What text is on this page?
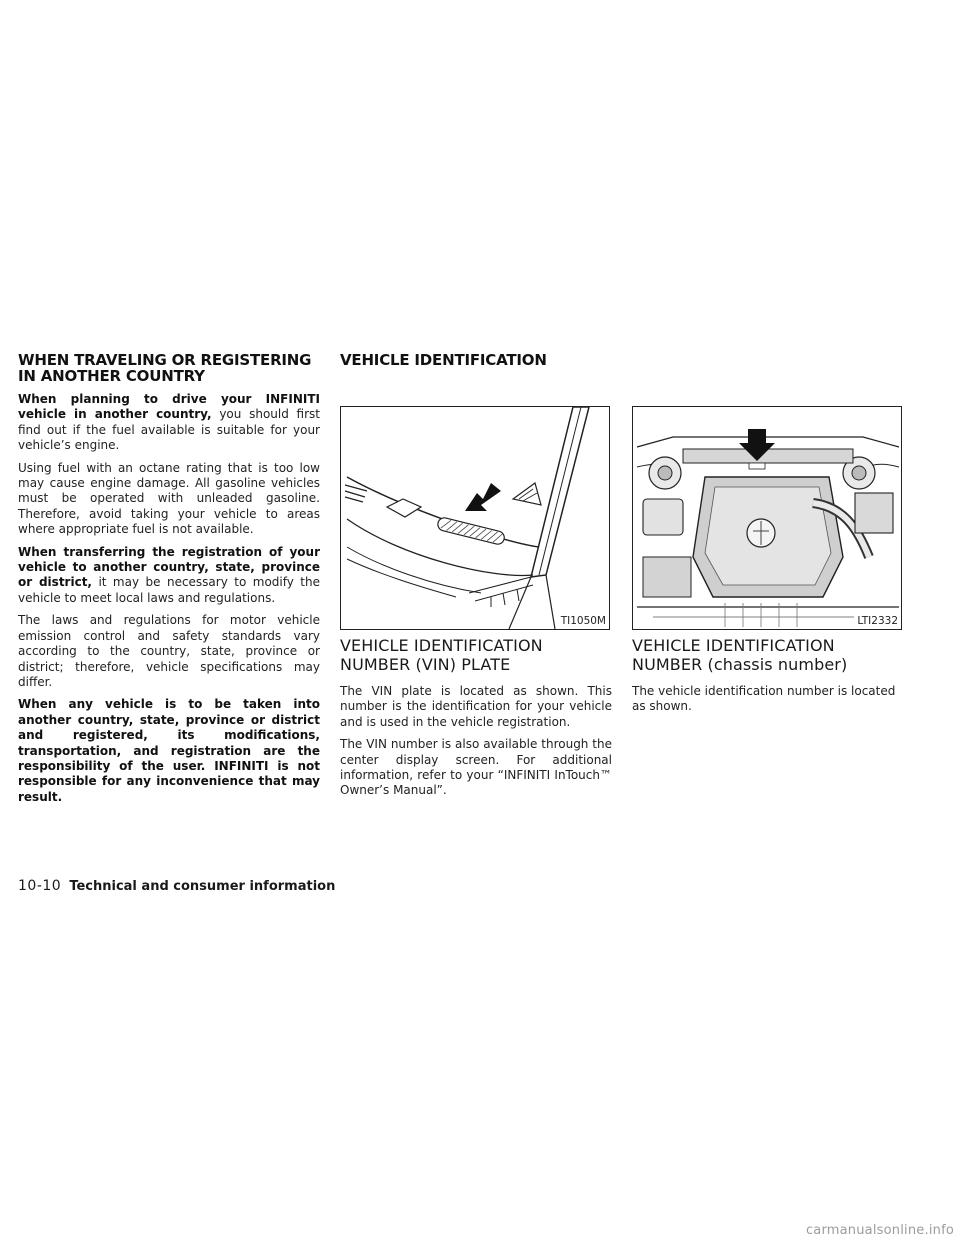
WHEN TRAVELING OR REGISTERING IN ANOTHER COUNTRY

When planning to drive your INFINITI vehicle in another country, you should first find out if the fuel available is suitable for your vehicle’s engine.

Using fuel with an octane rating that is too low may cause engine damage. All gasoline vehicles must be operated with unleaded gasoline. Therefore, avoid taking your vehicle to areas where appropriate fuel is not available.

When transferring the registration of your vehicle to another country, state, province or district, it may be necessary to modify the vehicle to meet local laws and regulations.

The laws and regulations for motor vehicle emission control and safety standards vary according to the country, state, province or district; therefore, vehicle specifications may differ.

When any vehicle is to be taken into another country, state, province or district and registered, its modifications, transportation, and registration are the responsibility of the user. INFINITI is not responsible for any inconvenience that may result.

VEHICLE IDENTIFICATION
TI1050M
VEHICLE IDENTIFICATION NUMBER (VIN) PLATE

The VIN plate is located as shown. This number is the identification for your vehicle and is used in the vehicle registration.

The VIN number is also available through the center display screen. For additional information, refer to your “INFINITI InTouch™ Owner’s Manual”.

LTI2332
VEHICLE IDENTIFICATION NUMBER (chassis number)

The vehicle identification number is located as shown.

10-10 Technical and consumer information
carmanualsonline.info
